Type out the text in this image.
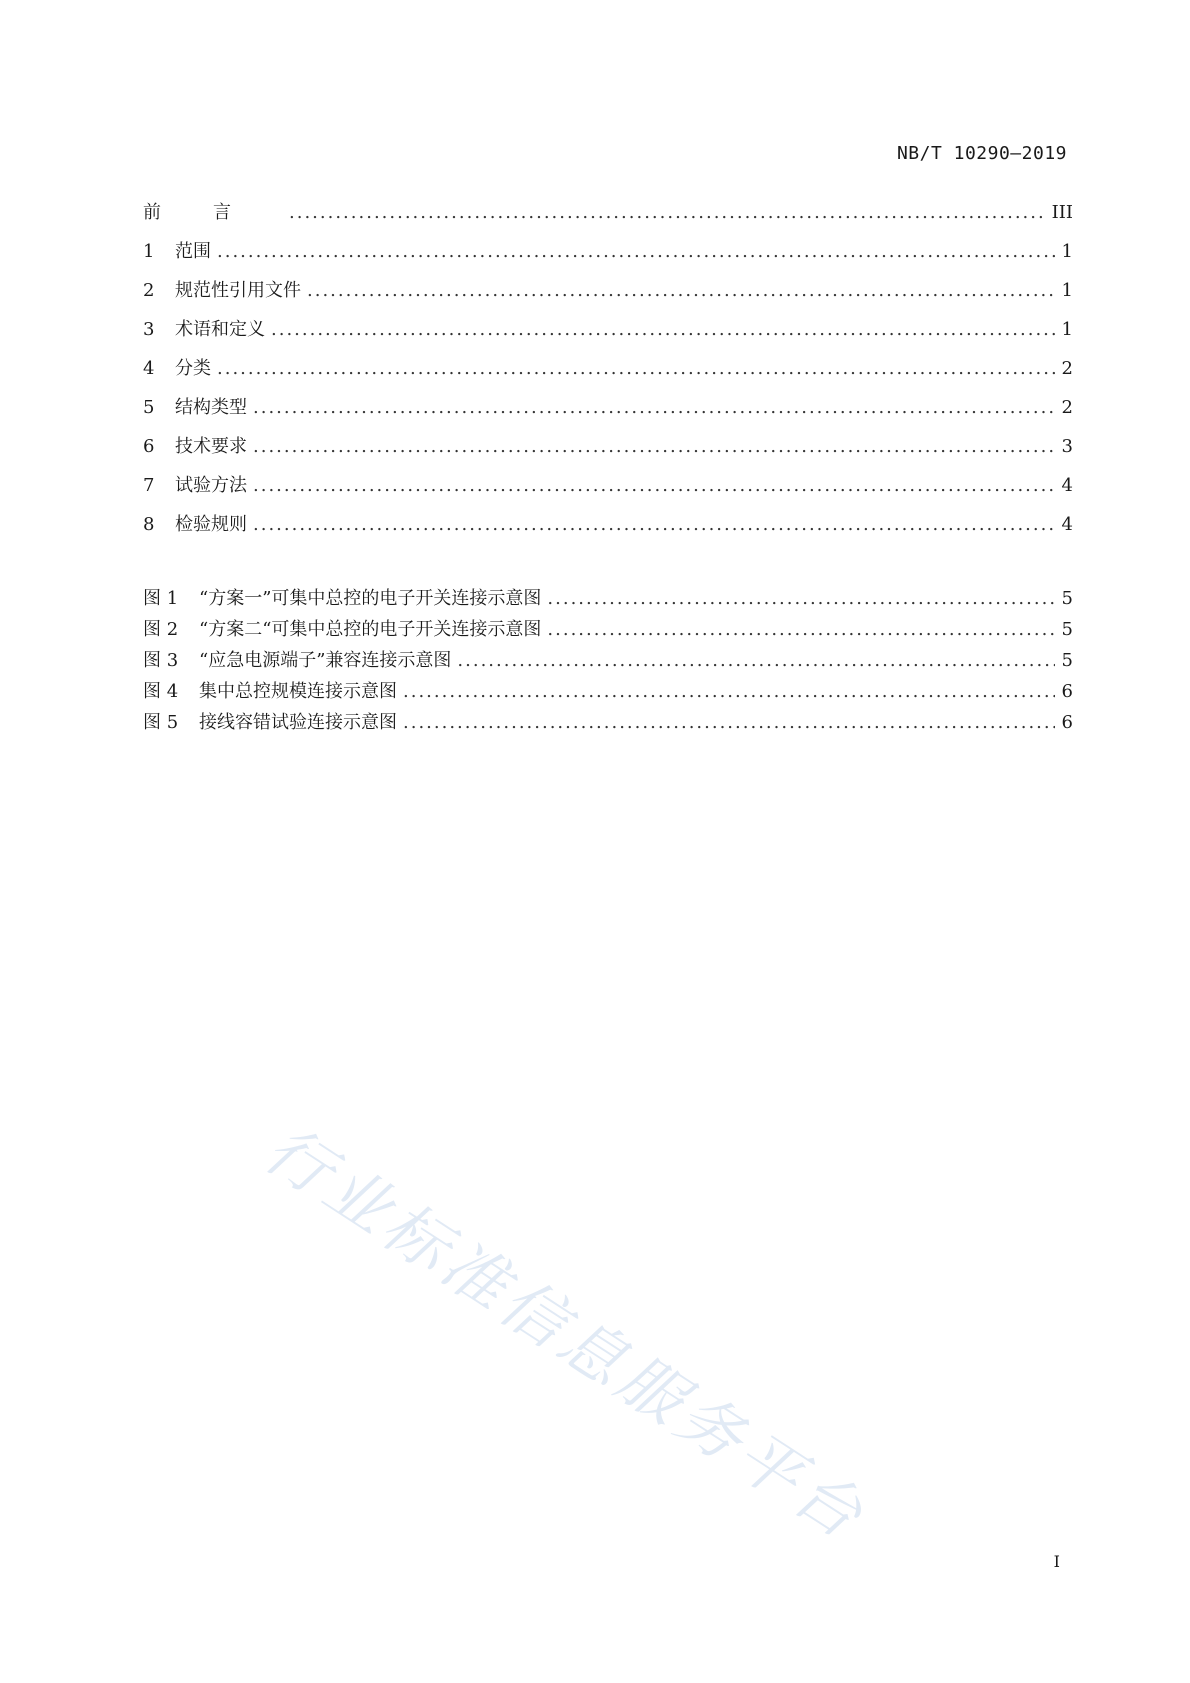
NB/T 10290—2019
前言 .....	III
1	范围 .....	1
2	规范性引用文件 .....	1
3	术语和定义 .....	1
4	分类 .....	2
5	结构类型 .....	2
6	技术要求 .....	3
7	试验方法 .....	4
8	检验规则 .....	4
图 1	“方案一”可集中总控的电子开关连接示意图 .....	5
图 2	“方案二“可集中总控的电子开关连接示意图 .....	5
图 3	“应急电源端子”兼容连接示意图 .....	5
图 4	集中总控规模连接示意图 .....	6
图 5	接线容错试验连接示意图 .....	6
行业标准信息服务平台
I
